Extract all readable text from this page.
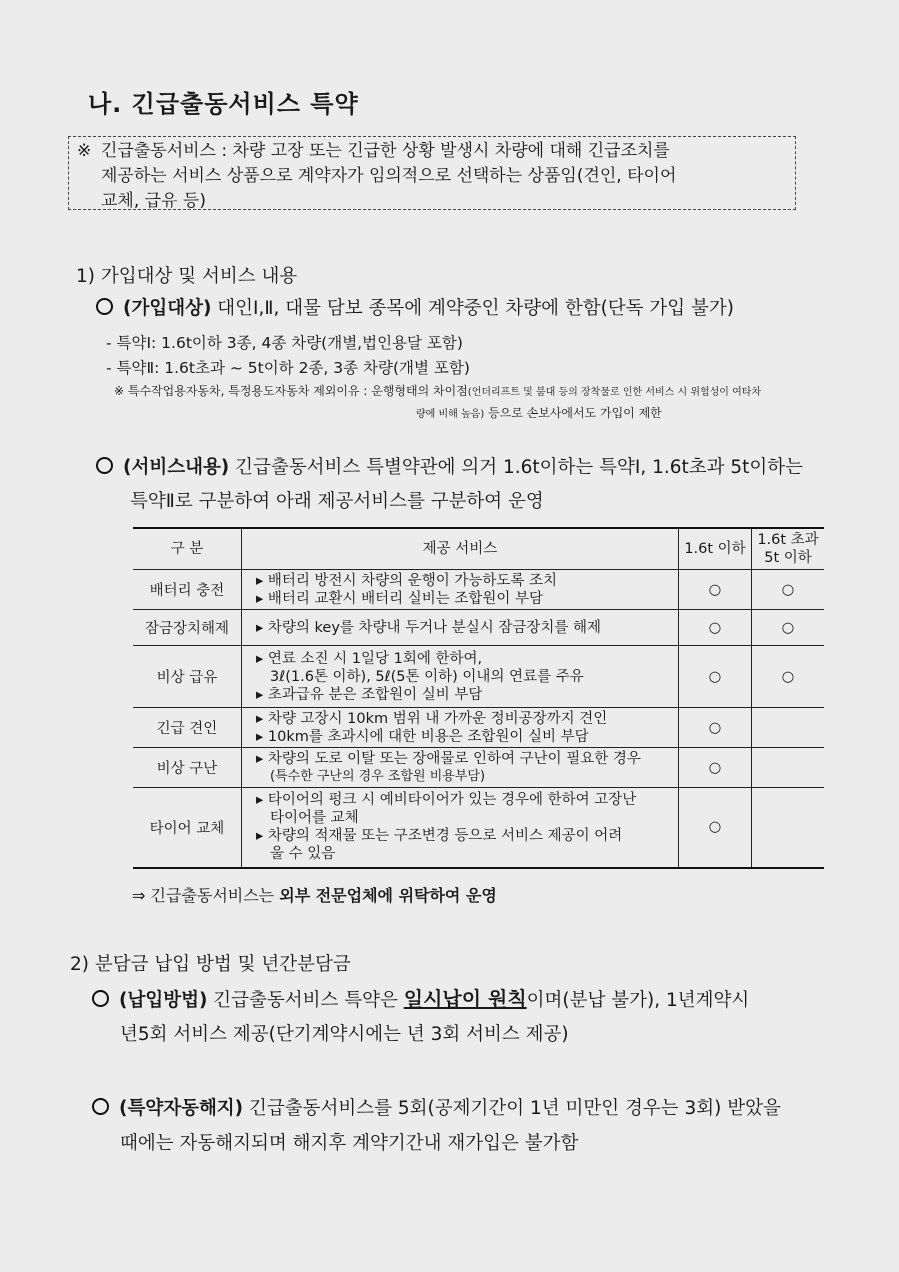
나. 긴급출동서비스 특약
※ 긴급출동서비스 : 차량 고장 또는 긴급한 상황 발생시 차량에 대해 긴급조치를
제공하는 서비스 상품으로 계약자가 임의적으로 선택하는 상품임(견인, 타이어
교체, 급유 등)
1) 가입대상 및 서비스 내용
(가입대상) 대인Ⅰ,Ⅱ, 대물 담보 종목에 계약중인 차량에 한함(단독 가입 불가)
- 특약Ⅰ: 1.6t이하 3종, 4종 차량(개별,법인용달 포함)
- 특약Ⅱ: 1.6t초과 ~ 5t이하 2종, 3종 차량(개별 포함)
※ 특수작업용자동차, 특정용도자동차 제외이유 : 운행형태의 차이점(언더리프트 및 붐대 등의 장착물로 인한 서비스 시 위험성이 여타차
량에 비해 높음) 등으로 손보사에서도 가입이 제한
(서비스내용) 긴급출동서비스 특별약관에 의거 1.6t이하는 특약Ⅰ, 1.6t초과 5t이하는
특약Ⅱ로 구분하여 아래 제공서비스를 구분하여 운영
구 분	제공 서비스	1.6t 이하	1.6t 초과
5t 이하
배터리 충전	▸ 배터리 방전시 차량의 운행이 가능하도록 조치
▸ 배터리 교환시 배터리 실비는 조합원이 부담	○	○
잠금장치해제	▸ 차량의 key를 차량내 두거나 분실시 잠금장치를 해제	○	○
비상 급유	▸ 연료 소진 시 1일당 1회에 한하여,
3ℓ(1.6톤 이하), 5ℓ(5톤 이하) 이내의 연료를 주유
▸ 초과급유 분은 조합원이 실비 부담	○	○
긴급 견인	▸ 차량 고장시 10km 범위 내 가까운 정비공장까지 견인
▸ 10km를 초과시에 대한 비용은 조합원이 실비 부담	○	
비상 구난	▸ 차량의 도로 이탈 또는 장애물로 인하여 구난이 필요한 경우
(특수한 구난의 경우 조합원 비용부담)	○	
타이어 교체	▸ 타이어의 펑크 시 예비타이어가 있는 경우에 한하여 고장난
타이어를 교체
▸ 차량의 적재물 또는 구조변경 등으로 서비스 제공이 어려
울 수 있음	○	
⇒ 긴급출동서비스는 외부 전문업체에 위탁하여 운영
2) 분담금 납입 방법 및 년간분담금
(납입방법) 긴급출동서비스 특약은 일시납이 원칙이며(분납 불가), 1년계약시
년5회 서비스 제공(단기계약시에는 년 3회 서비스 제공)
(특약자동해지) 긴급출동서비스를 5회(공제기간이 1년 미만인 경우는 3회) 받았을
때에는 자동해지되며 해지후 계약기간내 재가입은 불가함
